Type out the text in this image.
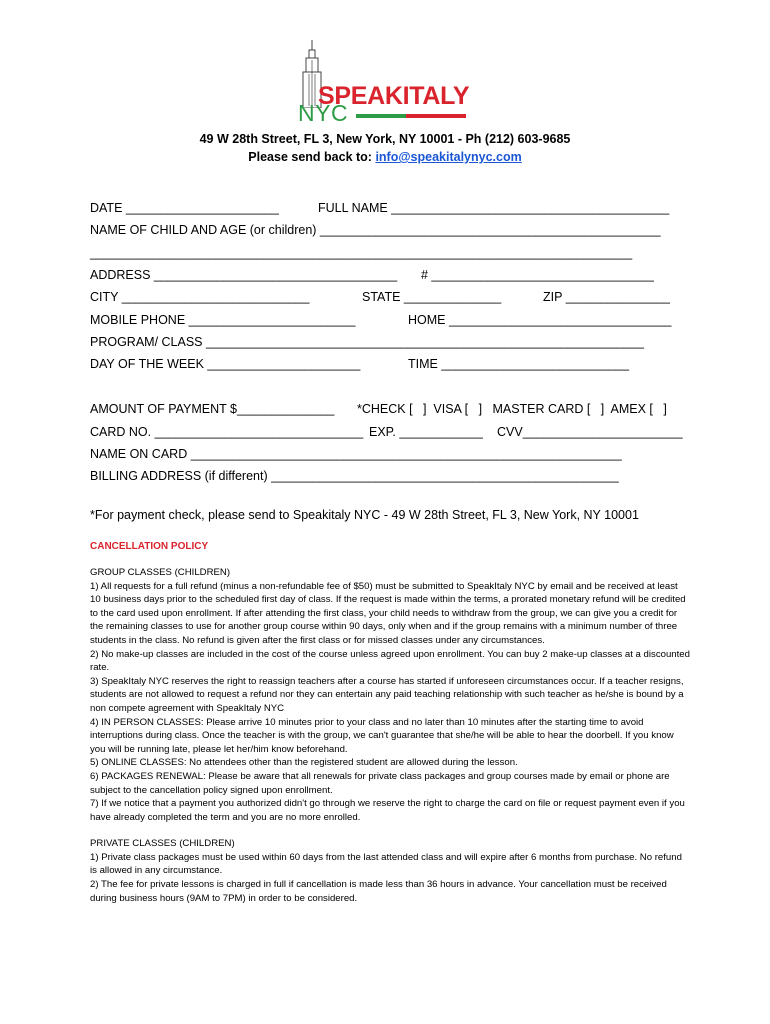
SPEAKITALY
NYC
49 W 28th Street, FL 3, New York, NY 10001 - Ph (212) 603-9685
Please send back to: info@speakitalynyc.com
DATE ______________________	FULL NAME ________________________________________
NAME OF CHILD AND AGE (or children) _________________________________________________
______________________________________________________________________________
ADDRESS ___________________________________ # ________________________________
CITY ___________________________	STATE ______________	ZIP _______________
MOBILE PHONE ________________________	HOME ________________________________
PROGRAM/ CLASS _______________________________________________________________
DAY OF THE WEEK ______________________	TIME ___________________________
AMOUNT OF PAYMENT $______________ *CHECK [   ]  VISA [   ]   MASTER CARD [   ]  AMEX [   ]
CARD NO. ______________________________ EXP. ____________ CVV_______________________
NAME ON CARD ______________________________________________________________
BILLING ADDRESS (if different) __________________________________________________
*For payment check, please send to Speakitaly NYC - 49 W 28th Street, FL 3, New York, NY 10001
CANCELLATION POLICY

GROUP CLASSES (CHILDREN)

1) All requests for a full refund (minus a non-refundable fee of $50) must be submitted to SpeakItaly NYC by email and be received at least 10 business days prior to the scheduled first day of class. If the request is made within the terms, a prorated monetary refund will be credited to the card used upon enrollment. If after attending the first class, your child needs to withdraw from the group, we can give you a credit for the remaining classes to use for another group course within 90 days, only when and if the group remains with a minimum number of three students in the class. No refund is given after the first class or for missed classes under any circumstances.

2) No make-up classes are included in the cost of the course unless agreed upon enrollment. You can buy 2 make-up classes at a discounted rate.

3) SpeakItaly NYC reserves the right to reassign teachers after a course has started if unforeseen circumstances occur. If a teacher resigns, students are not allowed to request a refund nor they can entertain any paid teaching relationship with such teacher as he/she is bound by a non compete agreement with SpeakItaly NYC

4) IN PERSON CLASSES: Please arrive 10 minutes prior to your class and no later than 10 minutes after the starting time to avoid interruptions during class. Once the teacher is with the group, we can't guarantee that she/he will be able to hear the doorbell. If you know you will be running late, please let her/him know beforehand.

5) ONLINE CLASSES: No attendees other than the registered student are allowed during the lesson.

6) PACKAGES RENEWAL: Please be aware that all renewals for private class packages and group courses made by email or phone are subject to the cancellation policy signed upon enrollment.

7) If we notice that a payment you authorized didn't go through we reserve the right to charge the card on file or request payment even if you have already completed the term and you are no more enrolled.

PRIVATE CLASSES (CHILDREN)

1) Private class packages must be used within 60 days from the last attended class and will expire after 6 months from purchase. No refund is allowed in any circumstance.

2) The fee for private lessons is charged in full if cancellation is made less than 36 hours in advance. Your cancellation must be received during business hours (9AM to 7PM) in order to be considered.
